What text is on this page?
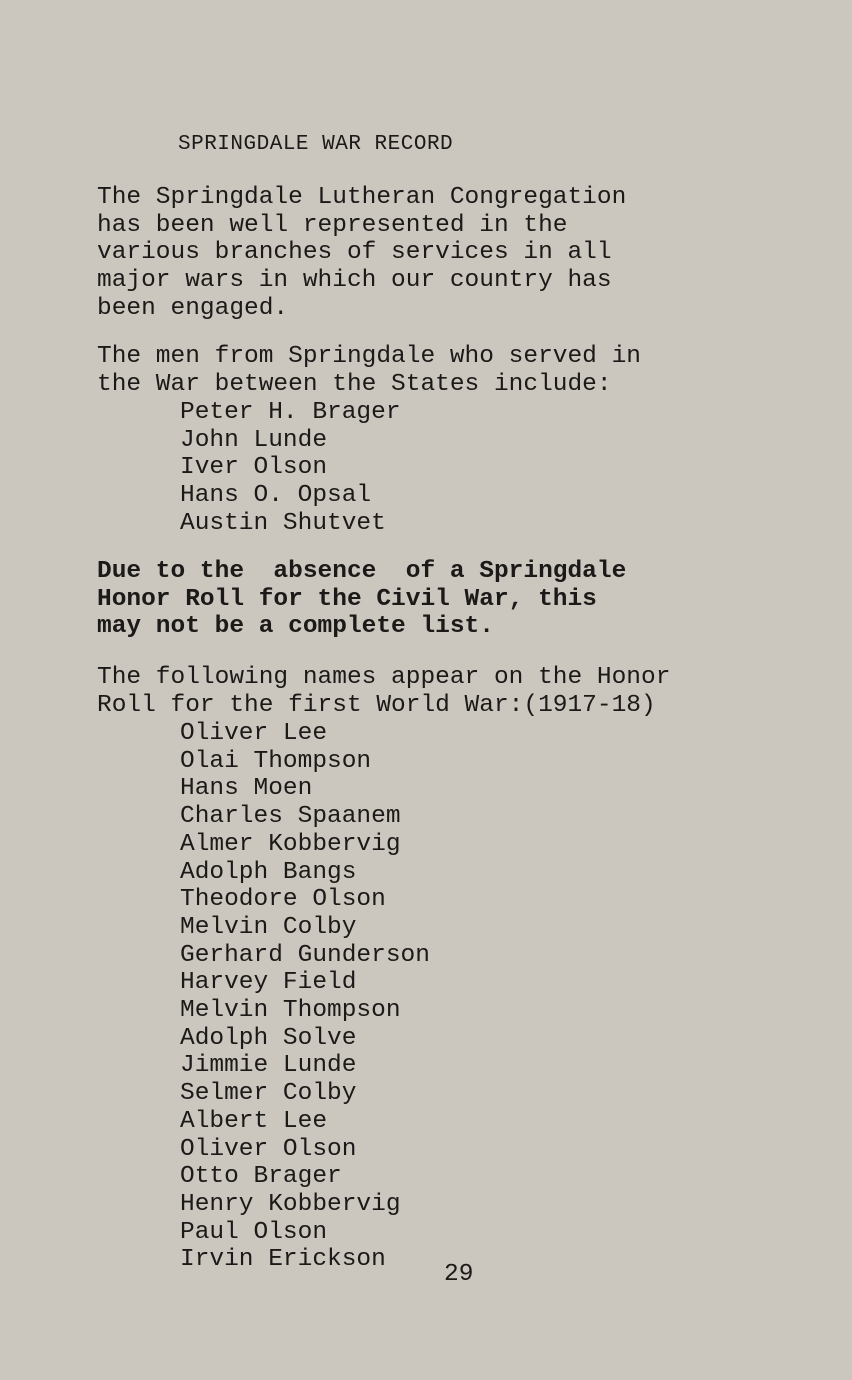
SPRINGDALE WAR RECORD

The Springdale Lutheran Congregation
has been well represented in the
various branches of services in all
major wars in which our country has
been engaged.

The men from Springdale who served in
the War between the States include:

Peter H. Brager
John Lunde
Iver Olson
Hans O. Opsal
Austin Shutvet

Due to the  absence  of a Springdale
Honor Roll for the Civil War, this
may not be a complete list.

The following names appear on the Honor
Roll for the first World War:(1917-18)

Oliver Lee
Olai Thompson
Hans Moen
Charles Spaanem
Almer Kobbervig
Adolph Bangs
Theodore Olson
Melvin Colby
Gerhard Gunderson
Harvey Field
Melvin Thompson
Adolph Solve
Jimmie Lunde
Selmer Colby
Albert Lee
Oliver Olson
Otto Brager
Henry Kobbervig
Paul Olson
Irvin Erickson

29
